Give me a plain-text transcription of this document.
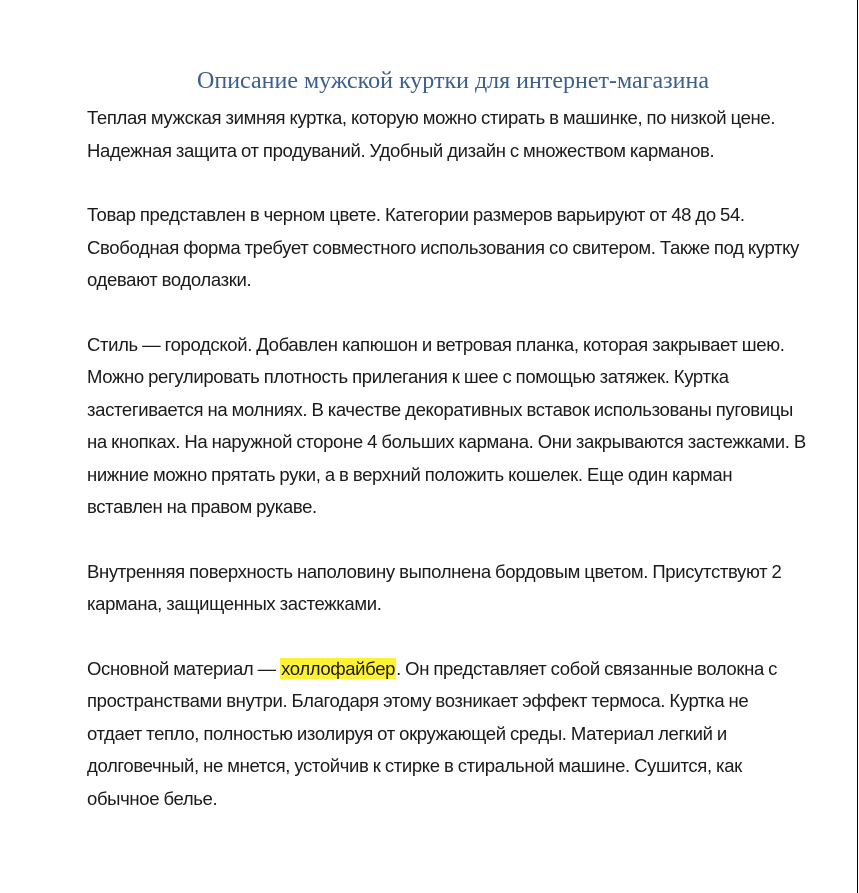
Описание мужской куртки для интернет-магазина

Теплая мужская зимняя куртка, которую можно стирать в машинке, по низкой цене. Надежная защита от продуваний. Удобный дизайн с множеством карманов.

Товар представлен в черном цвете. Категории размеров варьируют от 48 до 54. Свободная форма требует совместного использования со свитером. Также под куртку одевают водолазки.

Стиль — городской. Добавлен капюшон и ветровая планка, которая закрывает шею. Можно регулировать плотность прилегания к шее с помощью затяжек. Куртка застегивается на молниях. В качестве декоративных вставок использованы пуговицы на кнопках. На наружной стороне 4 больших кармана. Они закрываются застежками. В нижние можно прятать руки, а в верхний положить кошелек. Еще один карман вставлен на правом рукаве.

Внутренняя поверхность наполовину выполнена бордовым цветом. Присутствуют 2 кармана, защищенных застежками.

Основной материал — холлофайбер. Он представляет собой связанные волокна с пространствами внутри. Благодаря этому возникает эффект термоса. Куртка не отдает тепло, полностью изолируя от окружающей среды. Материал легкий и долговечный, не мнется, устойчив к стирке в стиральной машине. Сушится, как обычное белье.
